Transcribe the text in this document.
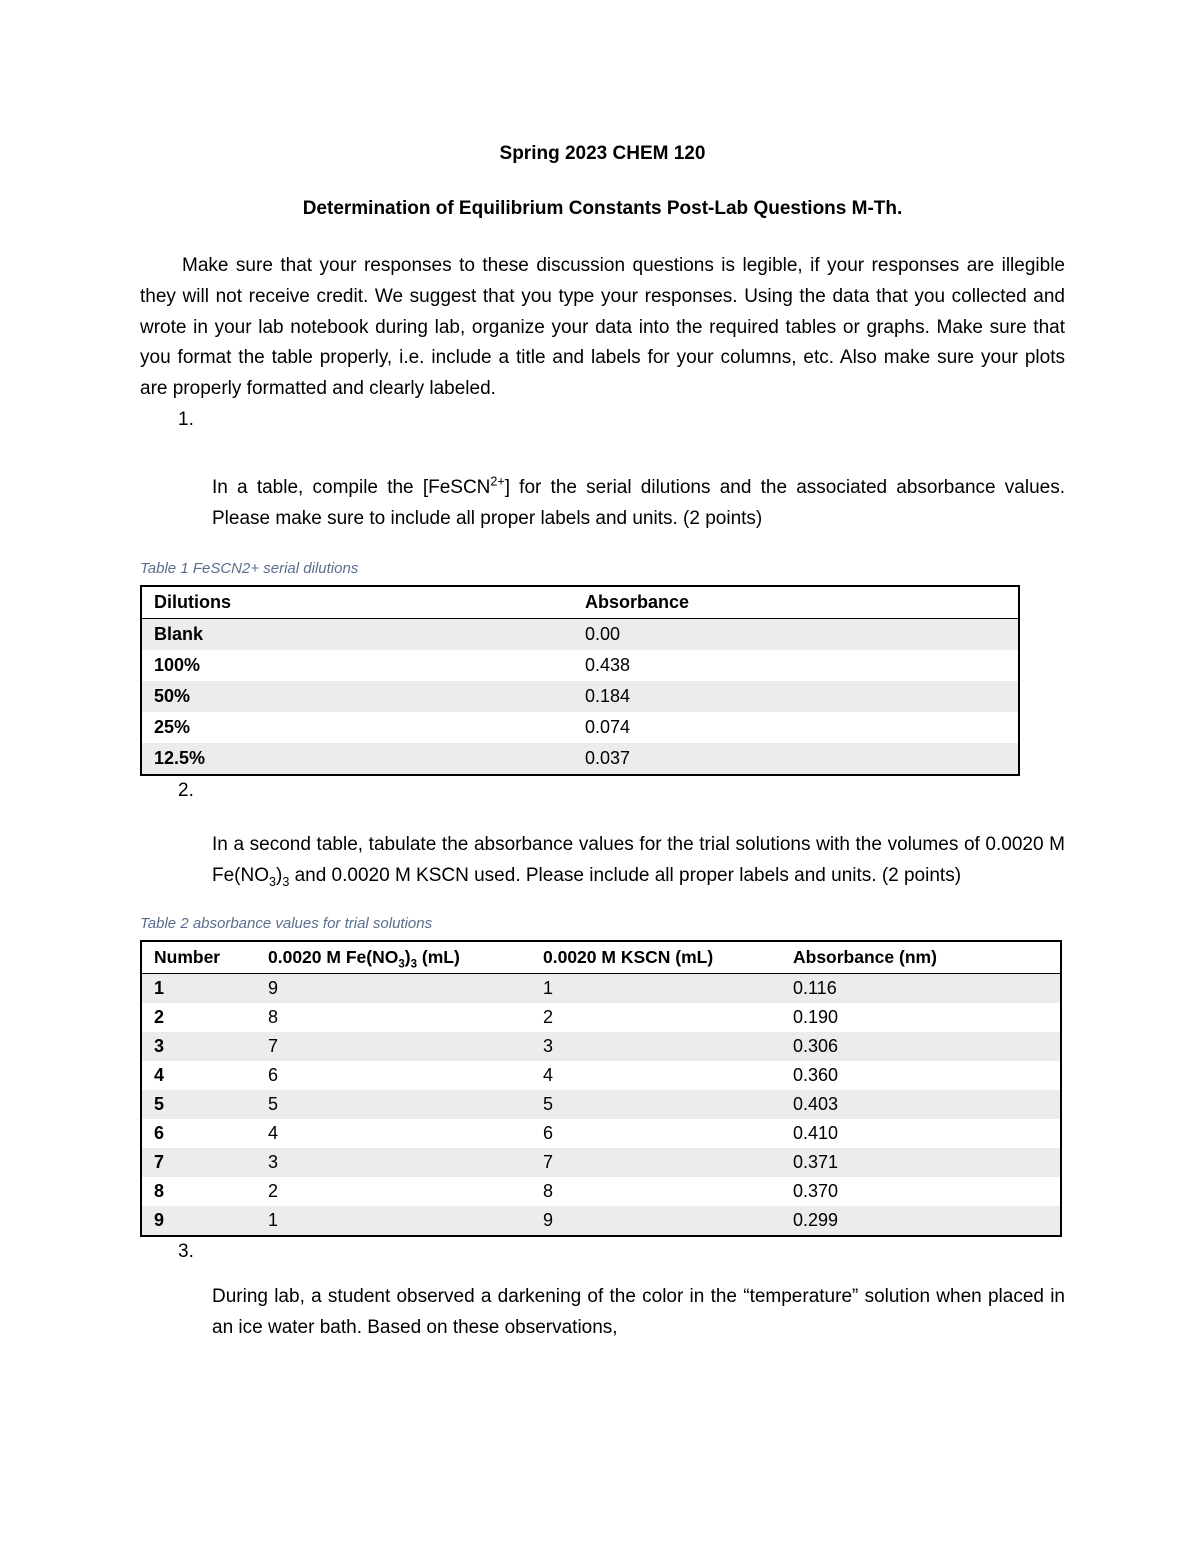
Spring 2023 CHEM 120
Determination of Equilibrium Constants Post-Lab Questions M-Th.

Make sure that your responses to these discussion questions is legible, if your responses are illegible they will not receive credit. We suggest that you type your responses. Using the data that you collected and wrote in your lab notebook during lab, organize your data into the required tables or graphs. Make sure that you format the table properly, i.e. include a title and labels for your columns, etc. Also make sure your plots are properly formatted and clearly labeled.

1.
In a table, compile the [FeSCN$^{2+}$] for the serial dilutions and the associated absorbance values. Please make sure to include all proper labels and units. (2 points)
Table 1 FeSCN2+ serial dilutions
Dilutions	Absorbance
Blank	0.00
100%	0.438
50%	0.184
25%	0.074
12.5%	0.037
2.
In a second table, tabulate the absorbance values for the trial solutions with the volumes of 0.0020 M $Fe(NO_3)_3$ and 0.0020 M KSCN used. Please include all proper labels and units. (2 points)
Table 2 absorbance values for trial solutions
Number	0.0020 M $Fe(NO_3)_3$ (mL)	0.0020 M KSCN (mL)	Absorbance (nm)
1	9	1	0.116
2	8	2	0.190
3	7	3	0.306
4	6	4	0.360
5	5	5	0.403
6	4	6	0.410
7	3	7	0.371
8	2	8	0.370
9	1	9	0.299
3.
During lab, a student observed a darkening of the color in the “temperature” solution when placed in an ice water bath. Based on these observations,
